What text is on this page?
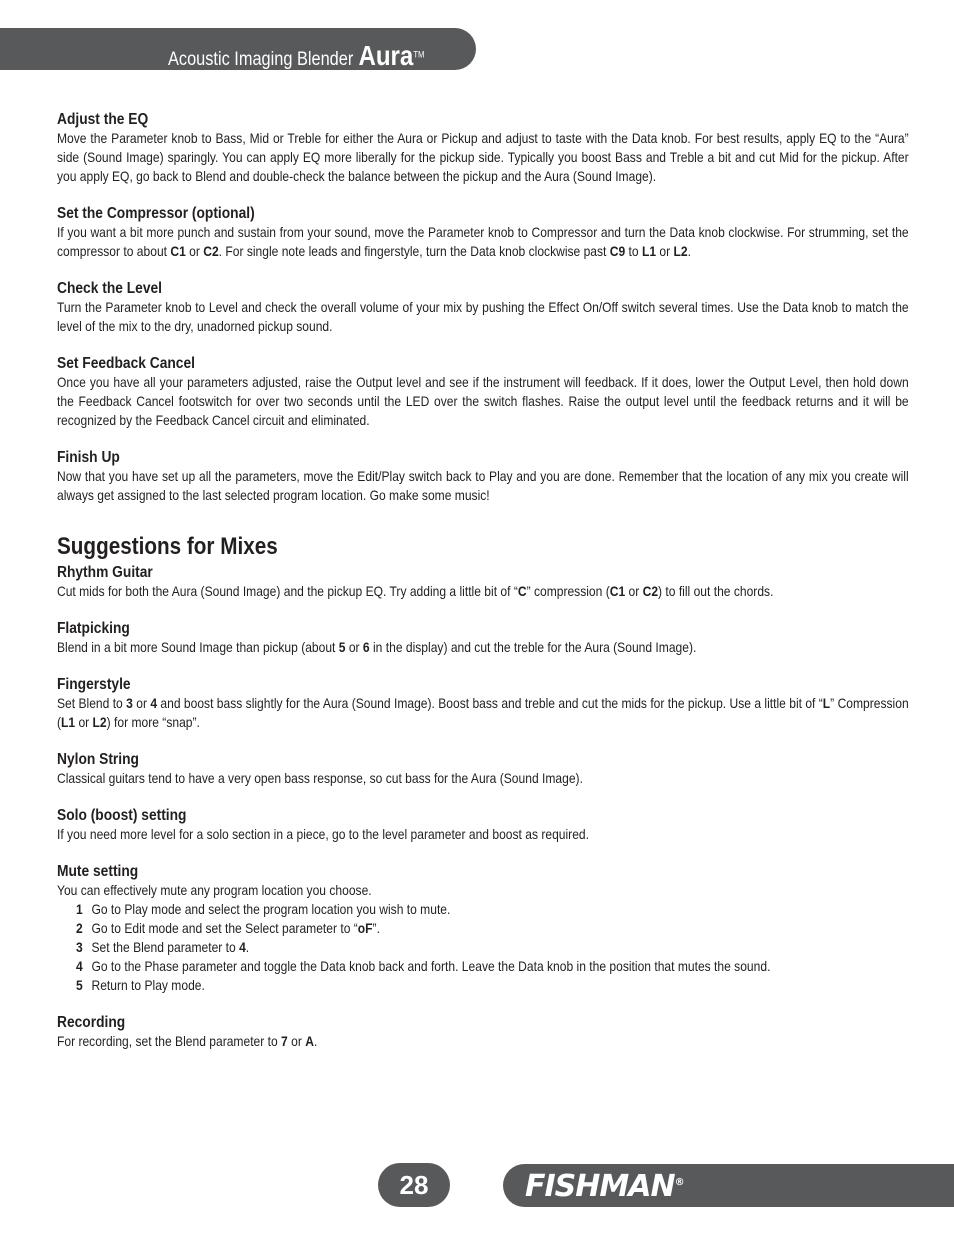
Acoustic Imaging Blender Aura™
Adjust the EQ

Move the Parameter knob to Bass, Mid or Treble for either the Aura or Pickup and adjust to taste with the Data knob. For best results, apply EQ to the “Aura” side (Sound Image) sparingly. You can apply EQ more liberally for the pickup side. Typically you boost Bass and Treble a bit and cut Mid for the pickup. After you apply EQ, go back to Blend and double-check the balance between the pickup and the Aura (Sound Image).

Set the Compressor (optional)

If you want a bit more punch and sustain from your sound, move the Parameter knob to Compressor and turn the Data knob clockwise. For strumming, set the compressor to about C1 or C2. For single note leads and fingerstyle, turn the Data knob clockwise past C9 to L1 or L2.

Check the Level

Turn the Parameter knob to Level and check the overall volume of your mix by pushing the Effect On/Off switch several times. Use the Data knob to match the level of the mix to the dry, unadorned pickup sound.

Set Feedback Cancel

Once you have all your parameters adjusted, raise the Output level and see if the instrument will feedback. If it does, lower the Output Level, then hold down the Feedback Cancel footswitch for over two seconds until the LED over the switch flashes. Raise the output level until the feedback returns and it will be recognized by the Feedback Cancel circuit and eliminated.

Finish Up

Now that you have set up all the parameters, move the Edit/Play switch back to Play and you are done. Remember that the location of any mix you create will always get assigned to the last selected program location. Go make some music!

Suggestions for Mixes
Rhythm Guitar

Cut mids for both the Aura (Sound Image) and the pickup EQ. Try adding a little bit of “C” compression (C1 or C2) to fill out the chords.

Flatpicking

Blend in a bit more Sound Image than pickup (about 5 or 6 in the display) and cut the treble for the Aura (Sound Image).

Fingerstyle

Set Blend to 3 or 4 and boost bass slightly for the Aura (Sound Image). Boost bass and treble and cut the mids for the pickup. Use a little bit of “L” Compression (L1 or L2) for more “snap”.

Nylon String

Classical guitars tend to have a very open bass response, so cut bass for the Aura (Sound Image).

Solo (boost) setting

If you need more level for a solo section in a piece, go to the level parameter and boost as required.

Mute setting

You can effectively mute any program location you choose.

1 Go to Play mode and select the program location you wish to mute.
2 Go to Edit mode and set the Select parameter to “oF”.
3 Set the Blend parameter to 4.
4 Go to the Phase parameter and toggle the Data knob back and forth. Leave the Data knob in the position that mutes the sound.
5 Return to Play mode.
Recording

For recording, set the Blend parameter to 7 or A.

28	FISHMAN®
